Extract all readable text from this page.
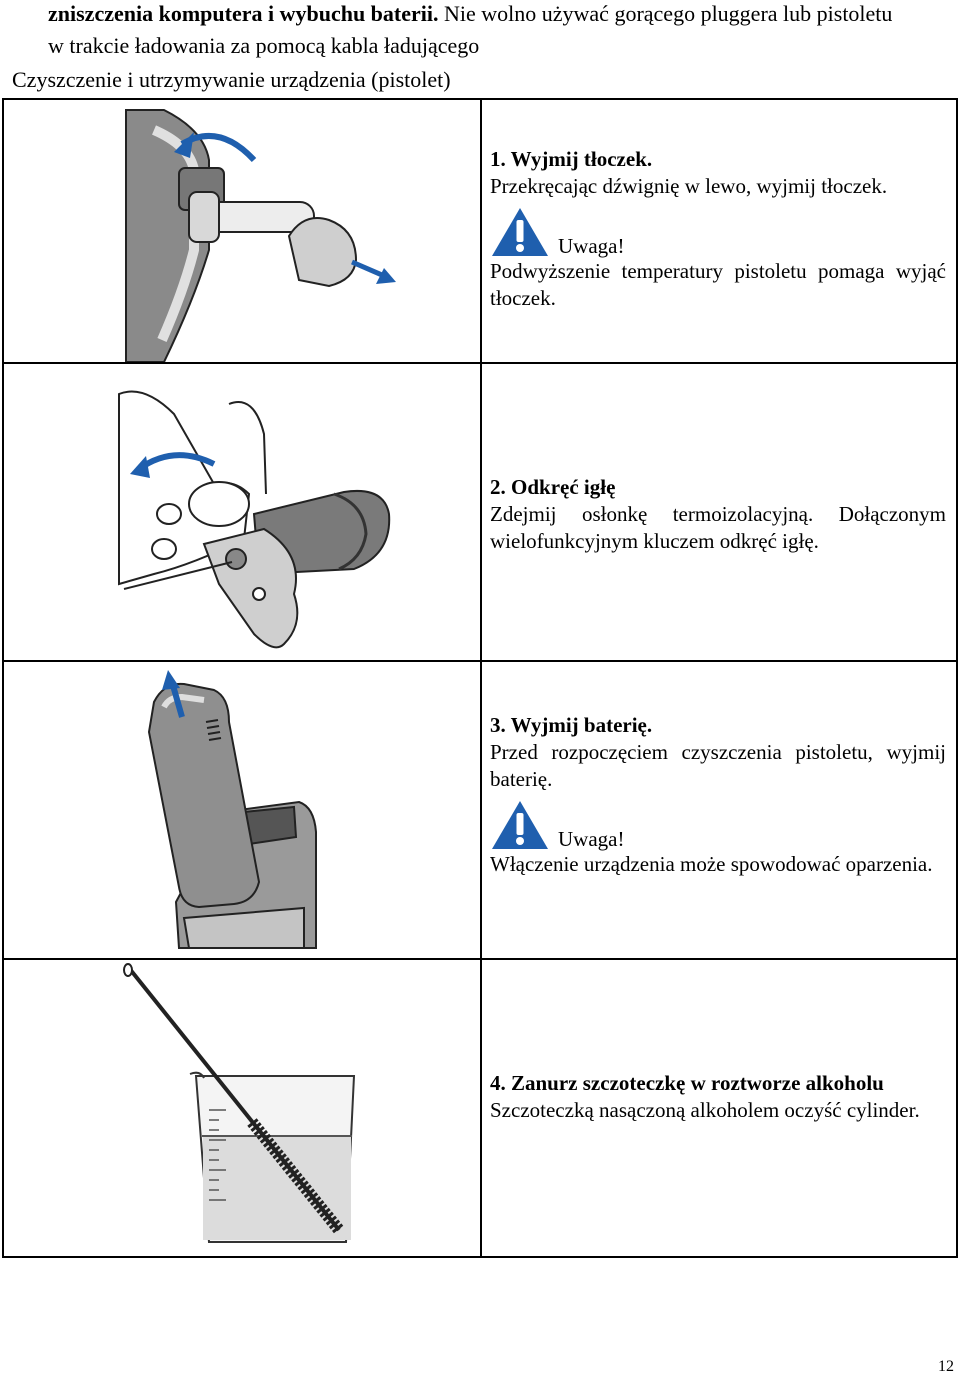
zniszczenia komputera i wybuchu baterii. Nie wolno używać gorącego pluggera lub pistoletu
w trakcie ładowania za pomocą kabla ładującego
Czyszczenie i utrzymywanie urządzenia (pistolet)

1. Wyjmij tłoczek.
Przekręcając dźwignię w lewo, wyjmij tłoczek.
Uwaga!
Podwyższenie temperatury pistoletu pomaga wyjąć tłoczek.

2. Odkręć igłę
Zdejmij osłonkę termoizolacyjną. Dołączonym wielofunkcyjnym kluczem odkręć igłę.

3. Wyjmij baterię.
Przed rozpoczęciem czyszczenia pistoletu, wyjmij baterię.
Uwaga!
Włączenie urządzenia może spowodować oparzenia.

4. Zanurz szczoteczkę w roztworze alkoholu
Szczoteczką nasączoną alkoholem oczyść cylinder.
12
